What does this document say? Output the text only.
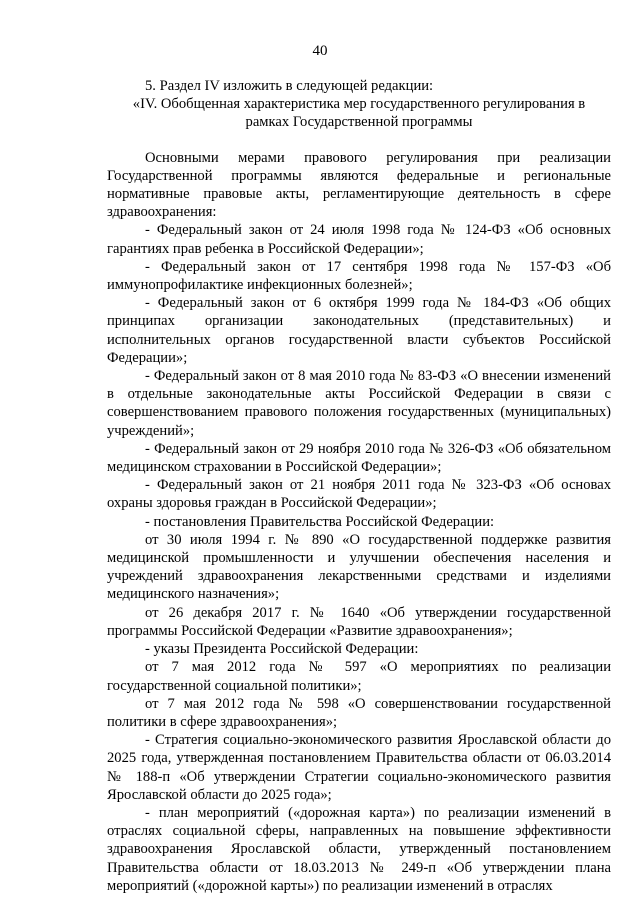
40

5. Раздел IV изложить в следующей редакции:

«IV. Обобщенная характеристика мер государственного регулирования в
рамках Государственной программы

Основными мерами правового регулирования при реализации Государственной программы являются федеральные и региональные нормативные правовые акты, регламентирующие деятельность в сфере здравоохранения:

- Федеральный закон от 24 июля 1998 года № 124-ФЗ «Об основных гарантиях прав ребенка в Российской Федерации»;

- Федеральный закон от 17 сентября 1998 года № 157-ФЗ «Об иммунопрофилактике инфекционных болезней»;

- Федеральный закон от 6 октября 1999 года № 184-ФЗ «Об общих принципах организации законодательных (представительных) и исполнительных органов государственной власти субъектов Российской Федерации»;

- Федеральный закон от 8 мая 2010 года № 83-ФЗ «О внесении изменений в отдельные законодательные акты Российской Федерации в связи с совершенствованием правового положения государственных (муниципальных) учреждений»;

- Федеральный закон от 29 ноября 2010 года № 326-ФЗ «Об обязательном медицинском страховании в Российской Федерации»;

- Федеральный закон от 21 ноября 2011 года № 323-ФЗ «Об основах охраны здоровья граждан в Российской Федерации»;

- постановления Правительства Российской Федерации:

от 30 июля 1994 г. № 890 «О государственной поддержке развития медицинской промышленности и улучшении обеспечения населения и учреждений здравоохранения лекарственными средствами и изделиями медицинского назначения»;

от 26 декабря 2017 г. № 1640 «Об утверждении государственной программы Российской Федерации «Развитие здравоохранения»;

- указы Президента Российской Федерации:

от 7 мая 2012 года № 597 «О мероприятиях по реализации государственной социальной политики»;

от 7 мая 2012 года № 598 «О совершенствовании государственной политики в сфере здравоохранения»;

- Стратегия социально-экономического развития Ярославской области до 2025 года, утвержденная постановлением Правительства области от 06.03.2014 № 188-п «Об утверждении Стратегии социально-экономического развития Ярославской области до 2025 года»;

- план мероприятий («дорожная карта») по реализации изменений в отраслях социальной сферы, направленных на повышение эффективности здравоохранения Ярославской области, утвержденный постановлением Правительства области от 18.03.2013 № 249-п «Об утверждении плана мероприятий («дорожной карты») по реализации изменений в отраслях
